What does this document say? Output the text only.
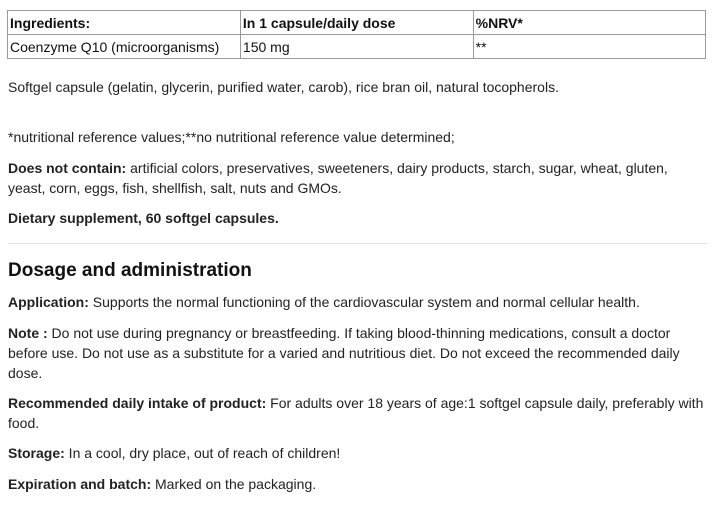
Ingredients:	In 1 capsule/daily dose	%NRV*
Coenzyme Q10 (microorganisms)	150 mg	**

Softgel capsule (gelatin, glycerin, purified water, carob), rice bran oil, natural tocopherols.

*nutritional reference values;**no nutritional reference value determined;

Does not contain: artificial colors, preservatives, sweeteners, dairy products, starch, sugar, wheat, gluten, yeast, corn, eggs, fish, shellfish, salt, nuts and GMOs.

Dietary supplement, 60 softgel capsules.

Dosage and administration

Application: Supports the normal functioning of the cardiovascular system and normal cellular health.

Note : Do not use during pregnancy or breastfeeding. If taking blood-thinning medications, consult a doctor before use. Do not use as a substitute for a varied and nutritious diet. Do not exceed the recommended daily dose.

Recommended daily intake of product: For adults over 18 years of age:1 softgel capsule daily, preferably with food.

Storage: In a cool, dry place, out of reach of children!

Expiration and batch: Marked on the packaging.
